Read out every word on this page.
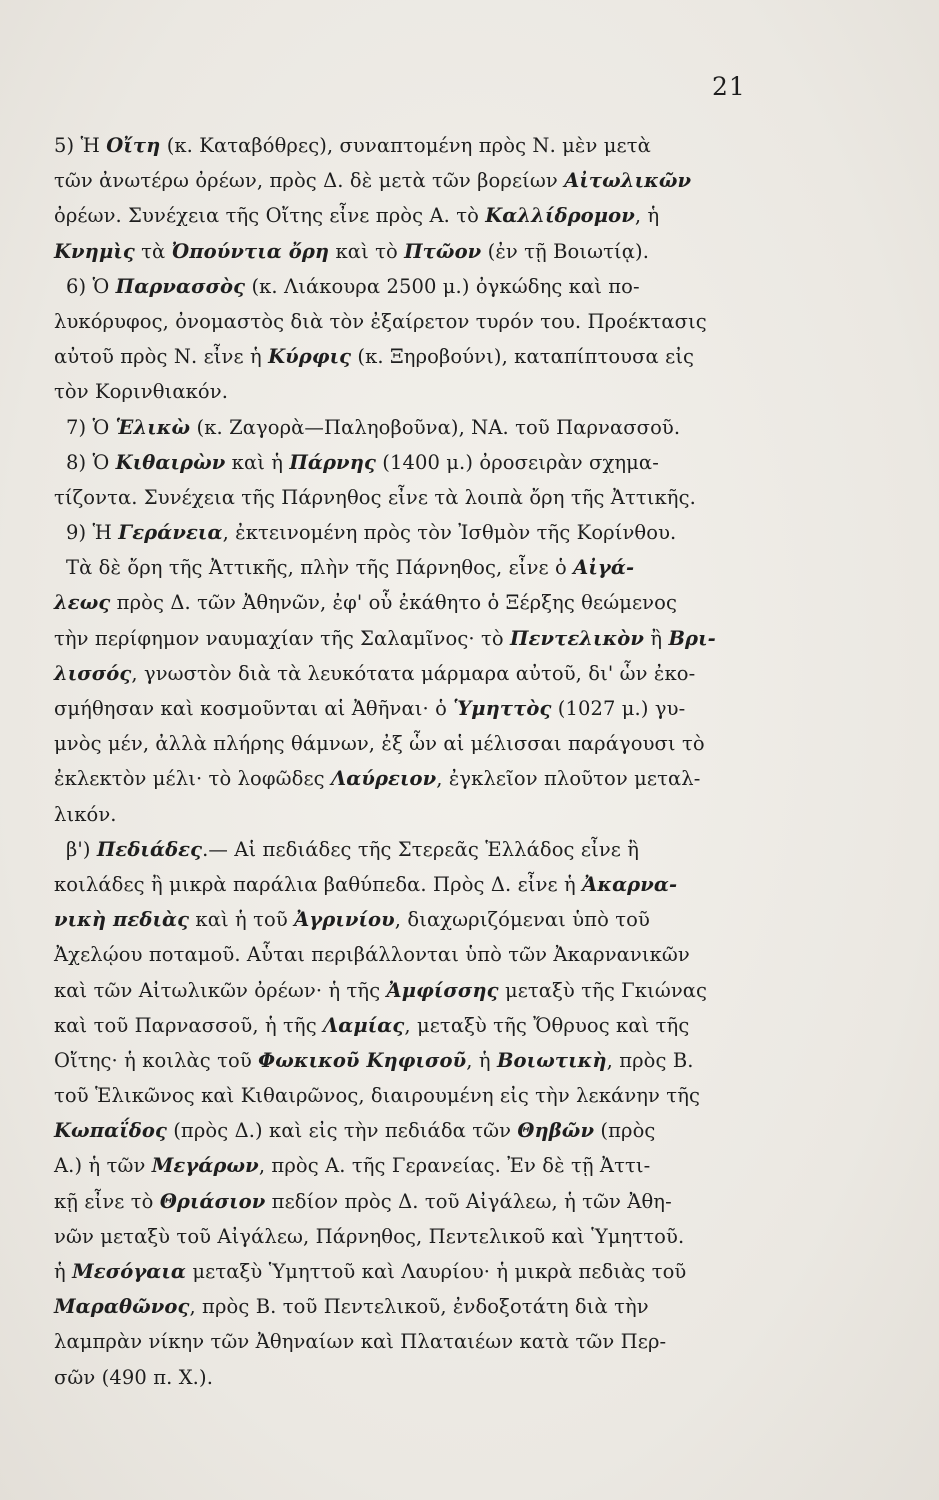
21
5) Ἡ Οἴτη (κ. Καταβόθρες), συναπτομένη πρὸς Ν. μὲν μετὰ
τῶν ἀνωτέρω ὀρέων, πρὸς Δ. δὲ μετὰ τῶν βορείων Αἰτωλικῶν
ὀρέων. Συνέχεια τῆς Οἴτης εἶνε πρὸς Α. τὸ Καλλίδρομον, ἡ
Κνημὶς τὰ Ὀπούντια ὄρη καὶ τὸ Πτῶον (ἐν τῇ Βοιωτίᾳ).
6) Ὁ Παρνασσὸς (κ. Λιάκουρα 2500 μ.) ὀγκώδης καὶ πο-
λυκόρυφος, ὀνομαστὸς διὰ τὸν ἐξαίρετον τυρόν του. Προέκτασις
αὐτοῦ πρὸς Ν. εἶνε ἡ Κύρφις (κ. Ξηροβούνι), καταπίπτουσα εἰς
τὸν Κορινθιακόν.
7) Ὁ Ἑλικὼ (κ. Ζαγορὰ—Παληοβοῦνα), ΝΑ. τοῦ Παρνασσοῦ.
8) Ὁ Κιθαιρὼν καὶ ἡ Πάρνης (1400 μ.) ὀροσειρὰν σχημα-
τίζοντα. Συνέχεια τῆς Πάρνηθος εἶνε τὰ λοιπὰ ὄρη τῆς Ἀττικῆς.
9) Ἡ Γεράνεια, ἐκτεινομένη πρὸς τὸν Ἰσθμὸν τῆς Κορίνθου.
Τὰ δὲ ὄρη τῆς Ἀττικῆς, πλὴν τῆς Πάρνηθος, εἶνε ὁ Αἰγά-
λεως πρὸς Δ. τῶν Ἀθηνῶν, ἐφ' οὗ ἐκάθητο ὁ Ξέρξης θεώμενος
τὴν περίφημον ναυμαχίαν τῆς Σαλαμῖνος· τὸ Πεντελικὸν ἢ Βρι-
λισσός, γνωστὸν διὰ τὰ λευκότατα μάρμαρα αὐτοῦ, δι' ὧν ἐκο-
σμήθησαν καὶ κοσμοῦνται αἱ Ἀθῆναι· ὁ Ὑμηττὸς (1027 μ.) γυ-
μνὸς μέν, ἀλλὰ πλήρης θάμνων, ἐξ ὧν αἱ μέλισσαι παράγουσι τὸ
ἐκλεκτὸν μέλι· τὸ λοφῶδες Λαύρειον, ἐγκλεῖον πλοῦτον μεταλ-
λικόν.
β') Πεδιάδες.— Αἱ πεδιάδες τῆς Στερεᾶς Ἑλλάδος εἶνε ἢ
κοιλάδες ἢ μικρὰ παράλια βαθύπεδα. Πρὸς Δ. εἶνε ἡ Ἀκαρνα-
νικὴ πεδιὰς καὶ ἡ τοῦ Ἀγρινίου, διαχωριζόμεναι ὑπὸ τοῦ
Ἀχελῴου ποταμοῦ. Αὗται περιβάλλονται ὑπὸ τῶν Ἀκαρνανικῶν
καὶ τῶν Αἰτωλικῶν ὀρέων· ἡ τῆς Ἀμφίσσης μεταξὺ τῆς Γκιώνας
καὶ τοῦ Παρνασσοῦ, ἡ τῆς Λαμίας, μεταξὺ τῆς Ὄθρυος καὶ τῆς
Οἴτης· ἡ κοιλὰς τοῦ Φωκικοῦ Κηφισοῦ, ἡ Βοιωτικὴ, πρὸς Β.
τοῦ Ἑλικῶνος καὶ Κιθαιρῶνος, διαιρουμένη εἰς τὴν λεκάνην τῆς
Κωπαΐδος (πρὸς Δ.) καὶ εἰς τὴν πεδιάδα τῶν Θηβῶν (πρὸς
Α.) ἡ τῶν Μεγάρων, πρὸς Α. τῆς Γερανείας. Ἐν δὲ τῇ Ἀττι-
κῇ εἶνε τὸ Θριάσιον πεδίον πρὸς Δ. τοῦ Αἰγάλεω, ἡ τῶν Ἀθη-
νῶν μεταξὺ τοῦ Αἰγάλεω, Πάρνηθος, Πεντελικοῦ καὶ Ὑμηττοῦ.
ἡ Μεσόγαια μεταξὺ Ὑμηττοῦ καὶ Λαυρίου· ἡ μικρὰ πεδιὰς τοῦ
Μαραθῶνος, πρὸς Β. τοῦ Πεντελικοῦ, ἐνδοξοτάτη διὰ τὴν
λαμπρὰν νίκην τῶν Ἀθηναίων καὶ Πλαταιέων κατὰ τῶν Περ-
σῶν (490 π. Χ.).
